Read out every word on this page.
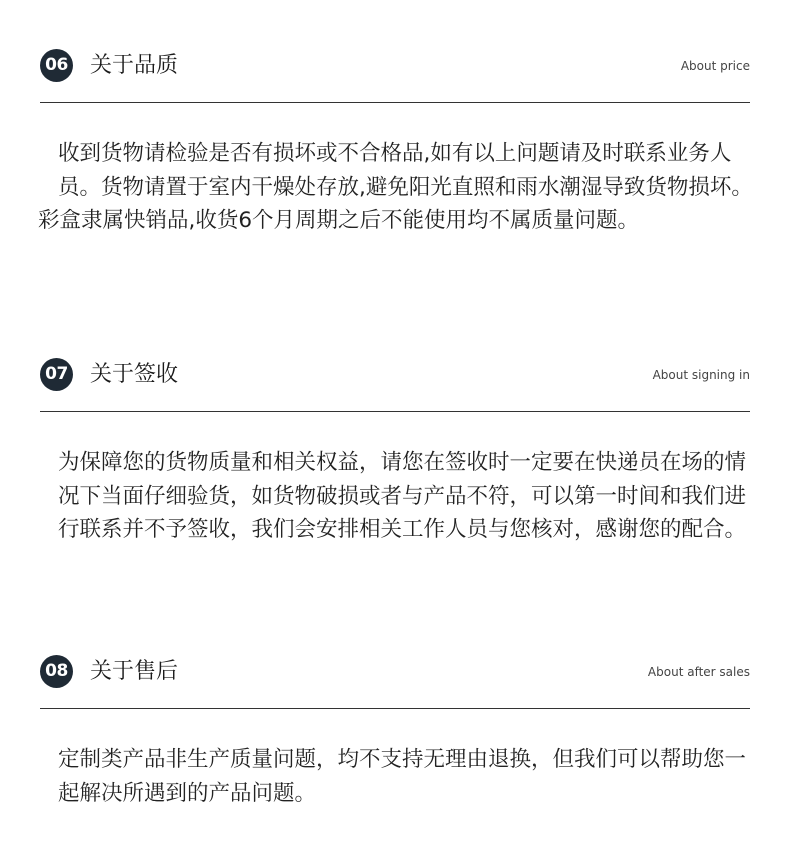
06 关于品质	About price

收到货物请检验是否有损坏或不合格品,如有以上问题请及时联系业务人员。货物请置于室内干燥处存放,避免阳光直照和雨水潮湿导致货物损坏。

彩盒隶属快销品,收货6个月周期之后不能使用均不属质量问题。

07 关于签收	About signing in

为保障您的货物质量和相关权益，请您在签收时一定要在快递员在场的情况下当面仔细验货，如货物破损或者与产品不符，可以第一时间和我们进行联系并不予签收，我们会安排相关工作人员与您核对，感谢您的配合。

08 关于售后	About after sales

定制类产品非生产质量问题，均不支持无理由退换，但我们可以帮助您一起解决所遇到的产品问题。
